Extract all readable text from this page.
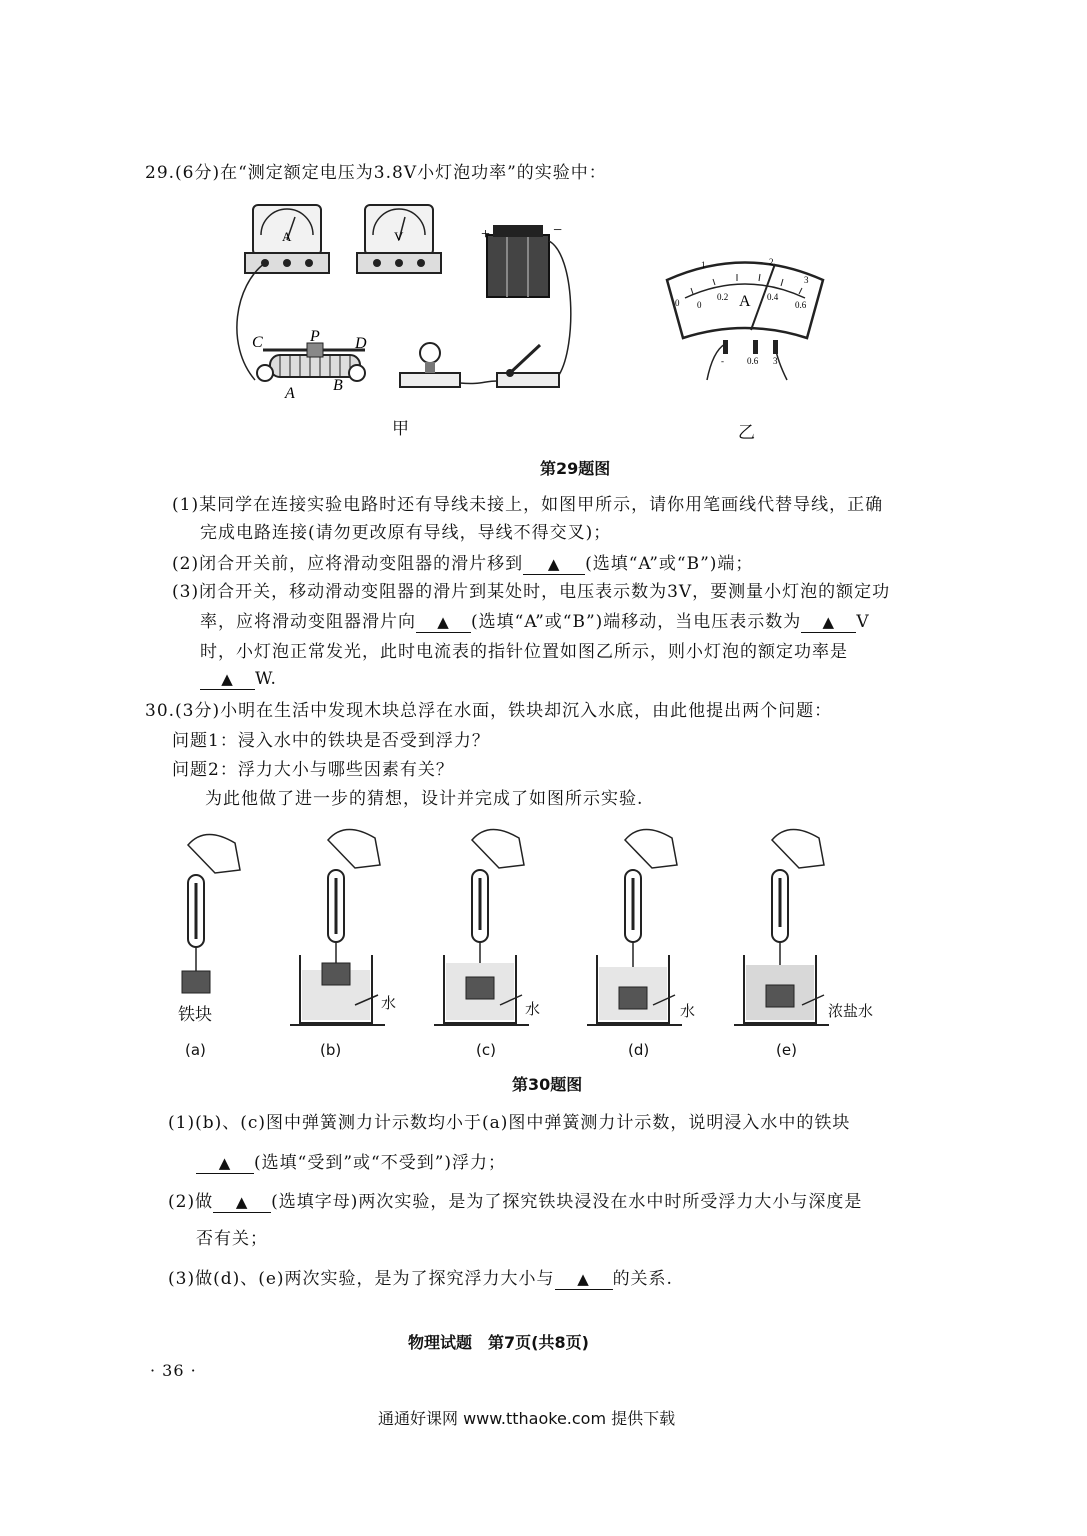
29.(6分)在“测定额定电压为3.8V小灯泡功率”的实验中：
A	V	+	−
C	P D
A B
1	2
3
0 0
0.2	0.4
0.6
A
-	0.6 3
甲	乙
第29题图
(1)某同学在连接实验电路时还有导线未接上，如图甲所示，请你用笔画线代替导线，正确
完成电路连接(请勿更改原有导线，导线不得交叉)；
(2)闭合开关前，应将滑动变阻器的滑片移到 ▲ (选填“A”或“B”)端；
(3)闭合开关，移动滑动变阻器的滑片到某处时，电压表示数为3V，要测量小灯泡的额定功
率，应将滑动变阻器滑片向 ▲ (选填“A”或“B”)端移动，当电压表示数为 ▲ V
时，小灯泡正常发光，此时电流表的指针位置如图乙所示，则小灯泡的额定功率是
▲ W.
30.(3分)小明在生活中发现木块总浮在水面，铁块却沉入水底，由此他提出两个问题：
问题1：浸入水中的铁块是否受到浮力？
问题2：浮力大小与哪些因素有关？
为此他做了进一步的猜想，设计并完成了如图所示实验.
铁块
水	水	水	浓盐水
(a)	(b)	(c)	(d)	(e)
第30题图
(1)(b)、(c)图中弹簧测力计示数均小于(a)图中弹簧测力计示数，说明浸入水中的铁块
▲ (选填“受到”或“不受到”)浮力；
(2)做 ▲ (选填字母)两次实验，是为了探究铁块浸没在水中时所受浮力大小与深度是
否有关；
(3)做(d)、(e)两次实验，是为了探究浮力大小与 ▲ 的关系.
物理试题　第7页(共8页)
· 36 ·
通通好课网 www.tthaoke.com 提供下载
